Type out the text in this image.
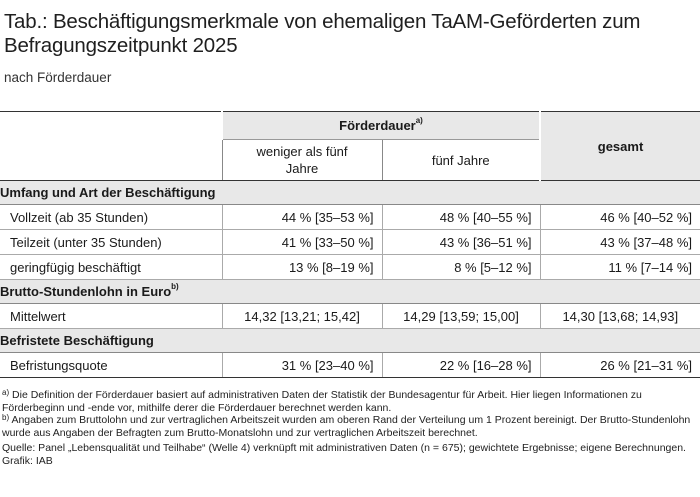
Tab.: Beschäftigungsmerkmale von ehemaligen TaAM-Geförderten zum Befragungszeitpunkt 2025
nach Förderdauer
	Förderdauer$^{a)}$		gesamt
	weniger als fünf Jahre	fünf Jahre	
Umfang und Art der Beschäftigung			
Vollzeit (ab 35 Stunden)	44 % [35–53 %]	48 % [40–55 %]	46 % [40–52 %]
Teilzeit (unter 35 Stunden)	41 % [33–50 %]	43 % [36–51 %]	43 % [37–48 %]
geringfügig beschäftigt	13 % [8–19 %]	8 % [5–12 %]	11 % [7–14 %]
Brutto-Stundenlohn in Euro$^{b)}$
Mittelwert	14,32 [13,21; 15,42]	14,29 [13,59; 15,00]	14,30 [13,68; 14,93]
Befristete Beschäftigung			
Befristungsquote	31 % [23–40 %]	22 % [16–28 %]	26 % [21–31 %]

$^{a)}$ Die Definition der Förderdauer basiert auf administrativen Daten der Statistik der Bundesagentur für Arbeit. Hier liegen Informationen zu Förderbeginn und -ende vor, mithilfe derer die Förderdauer berechnet werden kann.

$^{b)}$ Angaben zum Bruttolohn und zur vertraglichen Arbeitszeit wurden am oberen Rand der Verteilung um 1 Prozent bereinigt. Der Brutto-Stundenlohn wurde aus Angaben der Befragten zum Brutto-Monatslohn und zur vertraglichen Arbeitszeit berechnet.

Quelle: Panel „Lebensqualität und Teilhabe“ (Welle 4) verknüpft mit administrativen Daten (n = 675); gewichtete Ergebnisse; eigene Berechnungen. Grafik: IAB
